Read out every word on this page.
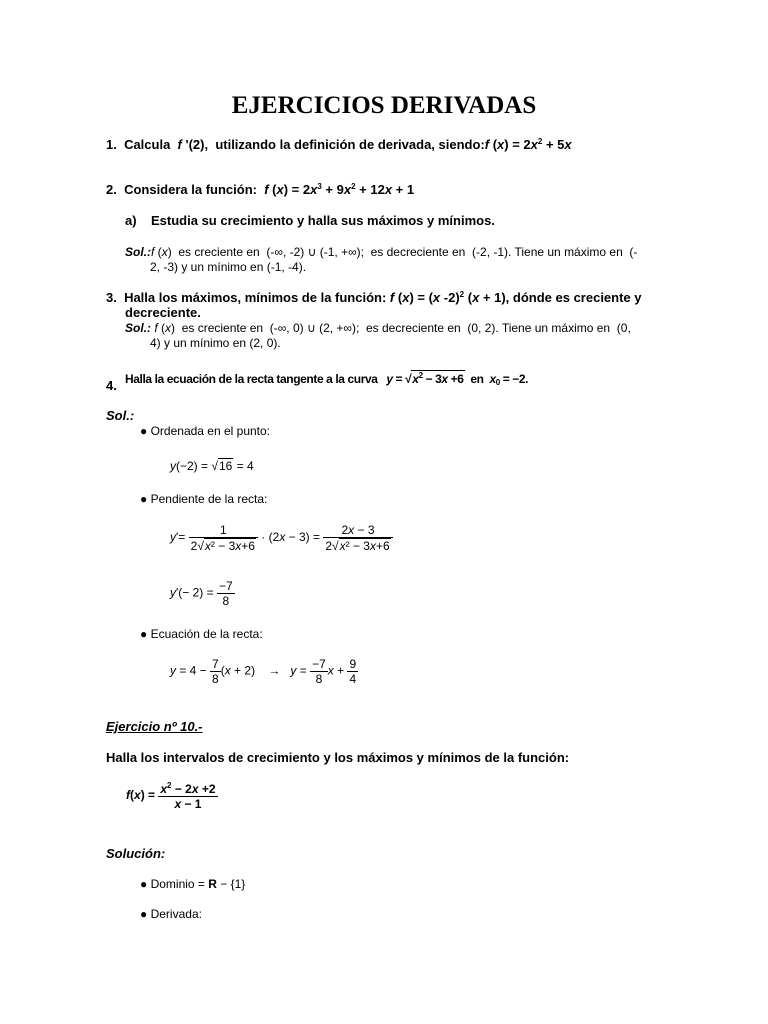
EJERCICIOS DERIVADAS
1.  Calcula  f '(2),  utilizando la definición de derivada, siendo:f $(x) = 2x^2 + 5x$
2.  Considera la función:  f $(x) = 2x^3 + 9x^2 + 12x + 1$
a)    Estudia su crecimiento y halla sus máximos y mínimos.
Sol.:f (x)  es creciente en  (-∞, -2) ∪ (-1, +∞);  es decreciente en  (-2, -1). Tiene un máximo en  (-
2, -3) y un mínimo en (-1, -4).
3.  Halla los máximos, mínimos de la función: f (x) = (x -2)$^2$ (x + 1), dónde es creciente y
decreciente.
Sol.: f (x)  es creciente en  (-∞, 0) ∪ (2, +∞);  es decreciente en  (0, 2). Tiene un máximo en  (0,
4) y un mínimo en (2, 0).
4. Halla la ecuación de la recta tangente a la curva $y = √x^2 - 3x +6$  en  $x_0 = -2$.
Sol.:
● Ordenada en el punto:
y(−2) = √16 = 4
● Pendiente de la recta:
$y'= \frac{1}{\text{2√x² − 3x+6}} \cdot (2x - 3) = \frac{2x - 3}{\text{2√x² − 3x+6}}$
$y'(- 2) = \frac{-7}{8}$
● Ecuación de la recta:
$y = 4 - \frac{7}{8} (x + 2)$    →   $y = \frac{-7}{8}$ $x + \frac{9}{4}$
Ejercicio nº 10.-
Halla los intervalos de crecimiento y los máximos y mínimos de la función:
$f(x) = \frac{x^2 - 2x +2}{x - 1}$
Solución:
● Dominio = R − {1}
● Derivada:
